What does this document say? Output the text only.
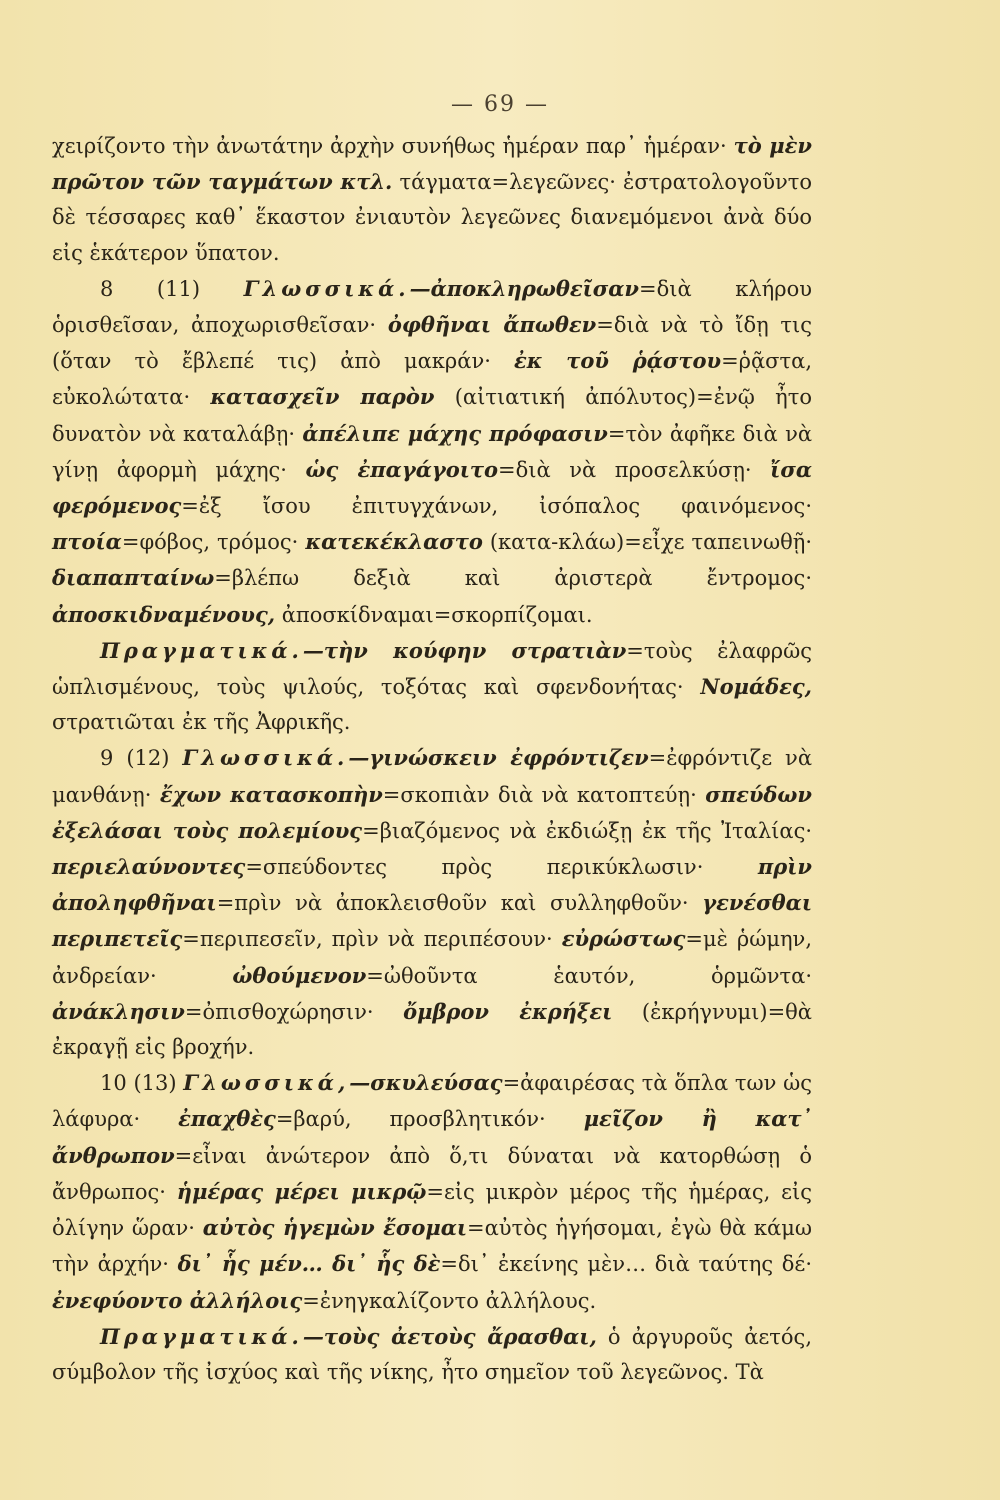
— 69 —

χειρίζοντο τὴν ἀνωτάτην ἀρχὴν συνήθως ἡμέραν παρ᾿ ἡμέραν· τὸ μὲν πρῶτον τῶν ταγμάτων κτλ. τάγματα=λεγεῶνες· ἐστρατολογοῦντο δὲ τέσσαρες καθ᾿ ἕκαστον ἐνιαυτὸν λεγεῶνες διανεμόμενοι ἀνὰ δύο εἰς ἑκάτερον ὕπατον.

8 (11) Γλωσσικά.—ἀποκληρωθεῖσαν=διὰ κλήρου ὁρισθεῖσαν, ἀποχωρισθεῖσαν· ὀφθῆναι ἄπωθεν=διὰ νὰ τὸ ἴδῃ τις (ὅταν τὸ ἔβλεπέ τις) ἀπὸ μακράν· ἐκ τοῦ ῥᾴστου=ῥᾷστα, εὐκολώτατα· κατασχεῖν παρὸν (αἰτιατική ἀπόλυτος)=ἐνῷ ἦτο δυνατὸν νὰ καταλάβῃ· ἀπέλιπε μάχης πρόφασιν=τὸν ἀφῆκε διὰ νὰ γίνῃ ἀφορμὴ μάχης· ὡς ἐπαγάγοιτο=διὰ νὰ προσελκύσῃ· ἴσα φερόμενος=ἐξ ἴσου ἐπιτυγχάνων, ἰσόπαλος φαινόμενος· πτοία=φόβος, τρόμος· κατεκέκλαστο (κατα-κλάω)=εἶχε ταπεινωθῇ· διαπαπταίνω=βλέπω δεξιὰ καὶ ἀριστερὰ ἔντρομος· ἀποσκιδναμένους, ἀποσκίδναμαι=σκορπίζομαι.

Πραγματικά.—τὴν κούφην στρατιὰν=τοὺς ἐλαφρῶς ὡπλισμένους, τοὺς ψιλούς, τοξότας καὶ σφενδονήτας· Νομάδες, στρατιῶται ἐκ τῆς Ἀφρικῆς.

9 (12) Γλωσσικά.—γινώσκειν ἐφρόντιζεν=ἐφρόντιζε νὰ μανθάνῃ· ἔχων κατασκοπὴν=σκοπιὰν διὰ νὰ κατοπτεύῃ· σπεύδων ἐξελάσαι τοὺς πολεμίους=βιαζόμενος νὰ ἐκδιώξῃ ἐκ τῆς Ἰταλίας· περιελαύνοντες=σπεύδοντες πρὸς περικύκλωσιν· πρὶν ἀποληφθῆναι=πρὶν νὰ ἀποκλεισθοῦν καὶ συλληφθοῦν· γενέσθαι περιπετεῖς=περιπεσεῖν, πρὶν νὰ περιπέσουν· εὐρώστως=μὲ ῥώμην, ἀνδρείαν· ὠθούμενον=ὠθοῦντα ἑαυτόν, ὁρμῶντα· ἀνάκλησιν=ὀπισθοχώρησιν· ὄμβρον ἐκρήξει (ἐκρήγνυμι)=θὰ ἐκραγῇ εἰς βροχήν.

10 (13) Γλωσσικά,—σκυλεύσας=ἀφαιρέσας τὰ ὅπλα των ὡς λάφυρα· ἐπαχθὲς=βαρύ, προσβλητικόν· μεῖζον ἢ κατ᾿ ἄνθρωπον=εἶναι ἀνώτερον ἀπὸ ὅ,τι δύναται νὰ κατορθώσῃ ὁ ἄνθρωπος· ἡμέρας μέρει μικρῷ=εἰς μικρὸν μέρος τῆς ἡμέρας, εἰς ὀλίγην ὥραν· αὐτὸς ἡγεμὼν ἔσομαι=αὐτὸς ἡγήσομαι, ἐγὼ θὰ κάμω τὴν ἀρχήν· δι᾿ ἧς μέν… δι᾿ ἧς δὲ=δι᾿ ἐκείνης μὲν… διὰ ταύτης δέ· ἐνεφύοντο ἀλλήλοις=ἐνηγκαλίζοντο ἀλλήλους.

Πραγματικά.—τοὺς ἀετοὺς ἄρασθαι, ὁ ἀργυροῦς ἀετός, σύμβολον τῆς ἰσχύος καὶ τῆς νίκης, ἦτο σημεῖον τοῦ λεγεῶνος. Τὰ
